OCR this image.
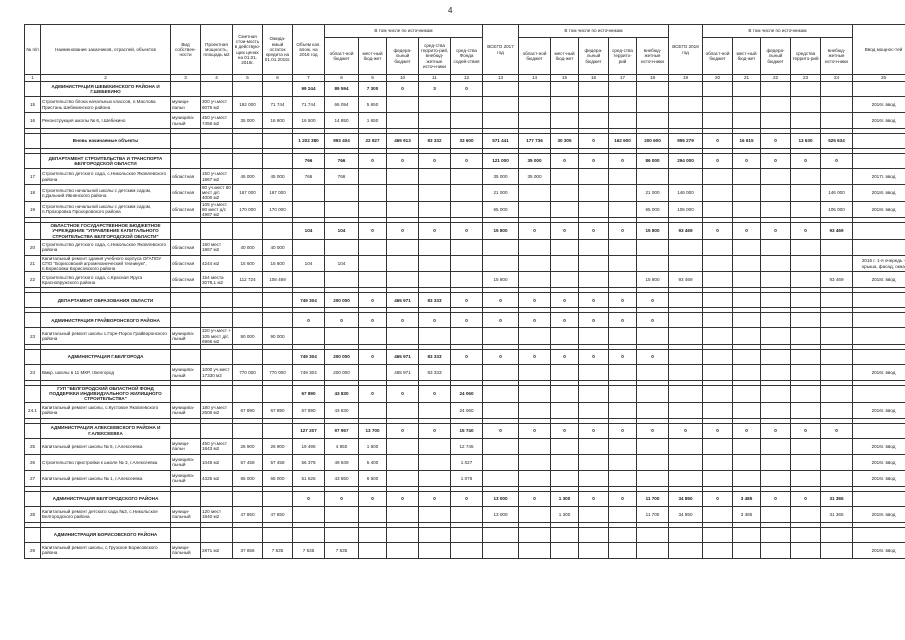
4
№ п/п	Наименование заказчиков, отраслей, объектов	Вид собствен-ности	Проектная мощность, площадь м2	Сметная стои-мость в действую-щих ценах на 01.01. 2016г.	Ожида-емый остаток кредита на 01.01.2016г.	Объем кап. влож. на 2016 год	В том числе по источникам					ВСЕГО 2017 год	В том числе по источникам					ВСЕГО 2018 год	В том числе по источникам					Ввод мощнос-тей
							област-ной бюджет	мест-ный бюд-жет	федера-льный бюджет	сред-ства террито-рий, внебюд-жетные источ-ники	сред-ства Фонда содей-ствия		област-ной бюджет	мест-ный бюд-жет	федера-льный бюджет	сред-ства террито-рий	внебюд-жетные источ-ники		област-ной бюджет	мест-ный бюд-жет	федера-льный бюджет	средства террито-рий	внебюд-жетные источ-ники	
1	2	3	4	5	6	7	8	9	10	11	12	13	14	15	16	17	18	19	20	21	22	23	24	25
	АДМИНИСТРАЦИЯ ШЕБЕКИНСКОГО РАЙОНА И Г.ШЕБЕКИНО					99 244	89 594	7 300	0	3	0													
15	Строительство блока начальных классов, п.Маслова Пристань Шебекинского района	муници-пальн	300 уч.мест 6075 м2	182 000	71 744	71 744	66 094	5 650																2016г. ввод
16	Реконструкция школы № 6, г.Шебекино	муниципа-льный	450 уч.мест 7456 м2	35 000	16 800	16 500	14 850	1 650																2016г. ввод

	Вновь начинаемые объекты					1 202 380	993 404	22 927	465 913	83 332	33 600	571 441	177 736	30 305	0	162 600	200 600	955 279	0	16 615	0	13 630	525 634	

	ДЕПАРТАМЕНТ СТРОИТЕЛЬСТВА И ТРАНСПОРТА БЕЛГОРОДСКОЙ ОБЛАСТИ					766	766	0	0	0	0	121 000	35 000	0	0	0	86 000	294 000	0	0	0	0	0	
17	Строительство детского сада, с.Никольское Яковлевского района	областная	150 уч.мест 1867 м2	45 000	45 000	766	766					35 000	35 000											2017г. ввод
18	Строительство начальной школы с детским садом, п.Дальний Ивнянского района	областная	80 уч.мест 60 мест д/с 4000 м2	167 000	167 000							21 000					21 000	146 000					146 000	2018г. ввод
19	Строительство начальной школы с детским садом, п.Прохоровка Прохоровского района	областная	105 уч.мест 80 мест д/с 4987 м2	170 000	170 000							65 000					65 000	105 000					105 000	2018г. ввод

	ОБЛАСТНОЕ ГОСУДАРСТВЕННОЕ БЮДЖЕТНОЕ УЧРЕЖДЕНИЕ "УПРАВЛЕНИЕ КАПИТАЛЬНОГО СТРОИТЕЛЬСТВА БЕЛГОРОДСКОЙ ОБЛАСТИ"					104	104	0	0	0	0	15 800	0	0	0	0	15 800	93 469	0	0	0	0	93 469	
20	Строительство детского сада, с.Никольское Яковлевского района	областная	160 мест 1867 м2	40 000	40 000																			
21	Капитальный ремонт здания учебного корпуса ОГАПОУ СПО "Борисовский агромеханический техникум", п.Борисовка Борисовского района	областная	4244 м2	15 600	15 600	104	104																	2016 г. 1-я очередь - крыша, фасад, окна
22	Строительство детского сада, с.Красная Яруга Краснояружского района	областная	154 места 3078,1 м2	112 724	108 469							15 800					15 800	93 469					93 469	2018г. ввод

	ДЕПАРТАМЕНТ ОБРАЗОВАНИЯ ОБЛАСТИ					749 304	200 000	0	465 971	83 333	0	0	0	0	0	0	0							

	АДМИНИСТРАЦИЯ ГРАЙВОРОНСКОГО РАЙОНА					0	0	0	0	0	0	0	0	0	0	0	0							
23	Капитальный ремонт школы с.Горе-Порох Грайворонского района	муниципа-льный	320 уч.мест + 105 мест д/с 6966 м2	90 000	90 000																			

	АДМИНИСТРАЦИЯ Г.БЕЛГОРОДА					749 304	200 000	0	465 971	83 333	0	0	0	0	0	0	0							
24	Вмкр. школы в 11 МКР, г.Белгород	муниципа-льный	1000 уч.мест 17330 м2	770 000	770 000	749 304	200 000		465 971	83 333														2016г. ввод

	ГУП "БЕЛГОРОДСКИЙ ОБЛАСТНОЙ ФОНД ПОДДЕРЖКИ ИНДИВИДУАЛЬНОГО ЖИЛИЩНОГО СТРОИТЕЛЬСТВА"					67 890	43 830	0	0	0	24 060													
24.1	Капитальный ремонт школы, с.Кустовое Яковлевского района	муниципа-льный	180 уч.мест 2606 м2	67 890	67 890	67 890	43 830				24 060													2016г. ввод

	АДМИНИСТРАЦИЯ АЛЕКСЕЕВСКОГО РАЙОНА И Г.АЛЕКСЕЕВКА					127 207	97 957	13 700	0	0	15 740	0	0	0	0	0	0	0	0	0	0	0	0	
25	Капитальный ремонт школы № 5, г.Алексеевка	муници-пальн	450 уч.мест 1843 м2	26 900	26 900	19 495	4 850	1 600			12 745													2016г. ввод
26	Строительство пристройки к школе № 3, г.Алексеевка	муниципа-льный	1048 м2	57 458	57 458	56 378	49 849	5 400			1 027													2016г. ввод
27	Капитальный ремонт школы № 1, г.Алексеевка	муниципа-льный	4325 м2	65 000	65 000	51 526	43 850	6 600			1 076													2016г. ввод

	АДМИНИСТРАЦИЯ БЕЛГОРОДСКОГО РАЙОНА					0	0	0	0	0	0	13 000	0	1 300	0	0	11 700	34 850	0	3 485	0	0	31 365	
28	Капитальный ремонт детского сада №3, с.Никольское Белгородского района	муници-пальный	120 мест 1840 м2	47 850	47 850							13 000		1 300			11 700	34 850		3 485			31 365	2018г. ввод

	АДМИНИСТРАЦИЯ БОРИСОВСКОГО РАЙОНА																							
29	Капитальный ремонт школы, с.Грузское Борисовского района	муници-пальный	2871 м2	37 656	7 535	7 535	7 535																	2016г. ввод
